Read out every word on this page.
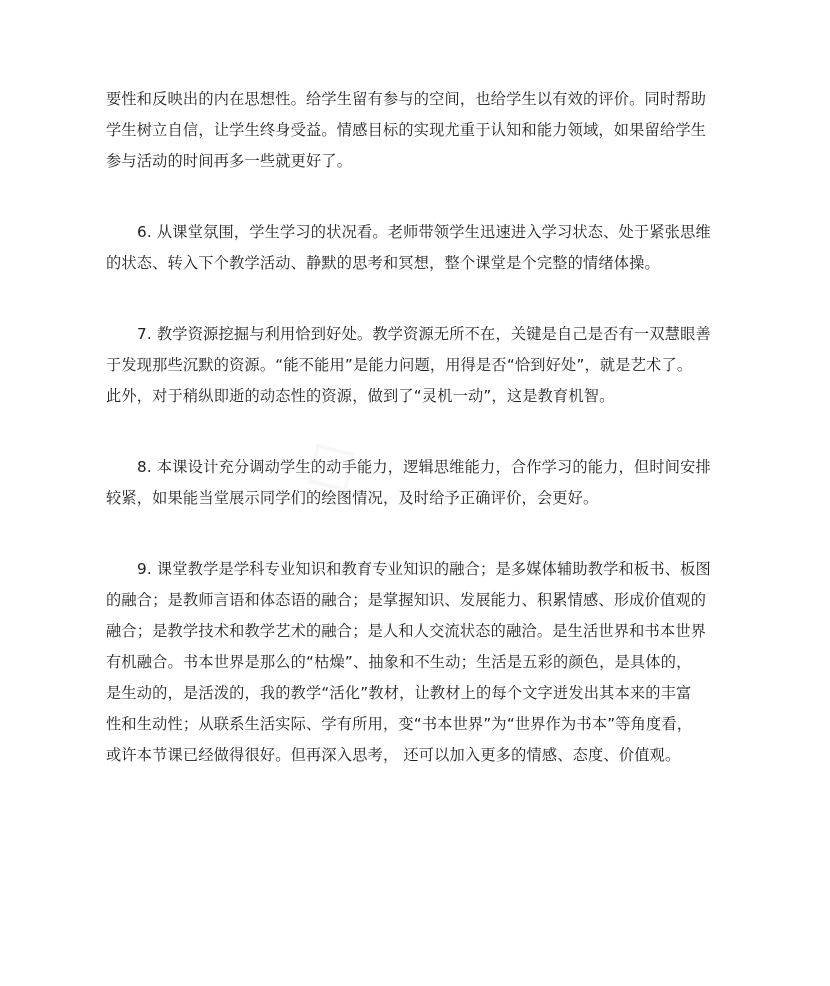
要性和反映出的内在思想性。给学生留有参与的空间，也给学生以有效的评价。同时帮助
学生树立自信，让学生终身受益。情感目标的实现尤重于认知和能力领域，如果留给学生
参与活动的时间再多一些就更好了。
6. 从课堂氛围，学生学习的状况看。老师带领学生迅速进入学习状态、处于紧张思维
的状态、转入下个教学活动、静默的思考和冥想，整个课堂是个完整的情绪体操。
7. 教学资源挖掘与利用恰到好处。教学资源无所不在，关键是自己是否有一双慧眼善
于发现那些沉默的资源。“能不能用”是能力问题，用得是否“恰到好处”，就是艺术了。
此外，对于稍纵即逝的动态性的资源，做到了“灵机一动”，这是教育机智。
8. 本课设计充分调动学生的动手能力，逻辑思维能力，合作学习的能力，但时间安排
较紧，如果能当堂展示同学们的绘图情况，及时给予正确评价，会更好。
9. 课堂教学是学科专业知识和教育专业知识的融合；是多媒体辅助教学和板书、板图
的融合；是教师言语和体态语的融合；是掌握知识、发展能力、积累情感、形成价值观的
融合；是教学技术和教学艺术的融合；是人和人交流状态的融洽。是生活世界和书本世界
有机融合。书本世界是那么的“枯燥”、抽象和不生动；生活是五彩的颜色，是具体的，
是生动的，是活泼的，我的教学“活化”教材，让教材上的每个文字迸发出其本来的丰富
性和生动性；从联系生活实际、学有所用，变“书本世界”为“世界作为书本”等角度看，
或许本节课已经做得很好。但再深入思考， 还可以加入更多的情感、态度、价值观。
◇
